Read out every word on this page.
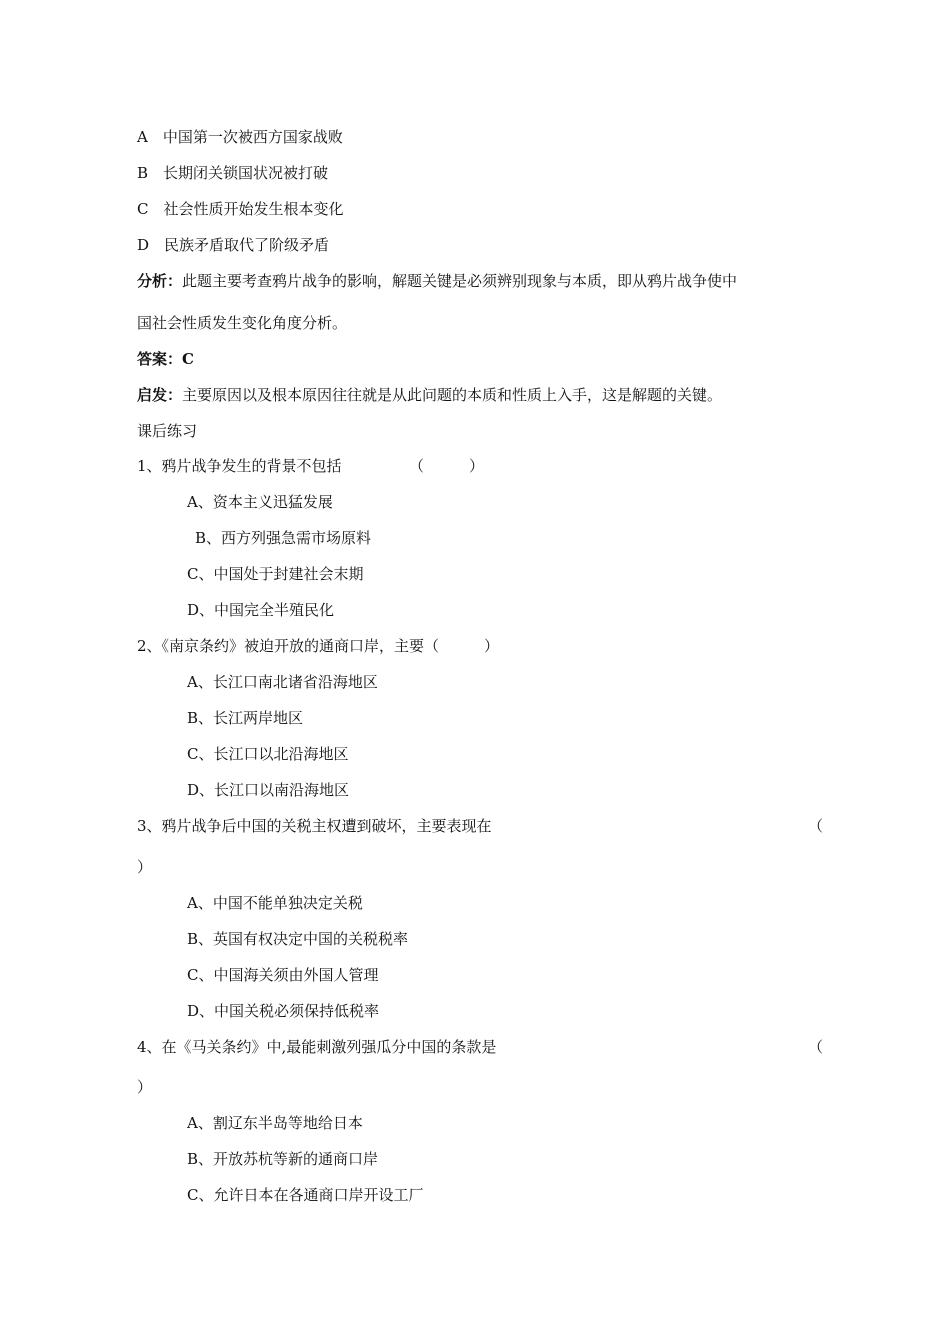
A　中国第一次被西方国家战败
B　长期闭关锁国状况被打破
C　社会性质开始发生根本变化
D　民族矛盾取代了阶级矛盾
分析：此题主要考查鸦片战争的影响，解题关键是必须辨别现象与本质，即从鸦片战争使中
国社会性质发生变化角度分析。
答案：C
启发：主要原因以及根本原因往往就是从此问题的本质和性质上入手，这是解题的关键。
课后练习
1、鸦片战争发生的背景不包括　　　　　（　　　）
A、资本主义迅猛发展
B、西方列强急需市场原料
C、中国处于封建社会末期
D、中国完全半殖民化
2、《南京条约》被迫开放的通商口岸，主要（　　　）
A、长江口南北诸省沿海地区
B、长江两岸地区
C、长江口以北沿海地区
D、长江口以南沿海地区
3、鸦片战争后中国的关税主权遭到破坏，主要表现在	（
）
A、中国不能单独决定关税
B、英国有权决定中国的关税税率
C、中国海关须由外国人管理
D、中国关税必须保持低税率
4、在《马关条约》中,最能刺激列强瓜分中国的条款是	（
）
A、割辽东半岛等地给日本
B、开放苏杭等新的通商口岸
C、允许日本在各通商口岸开设工厂
